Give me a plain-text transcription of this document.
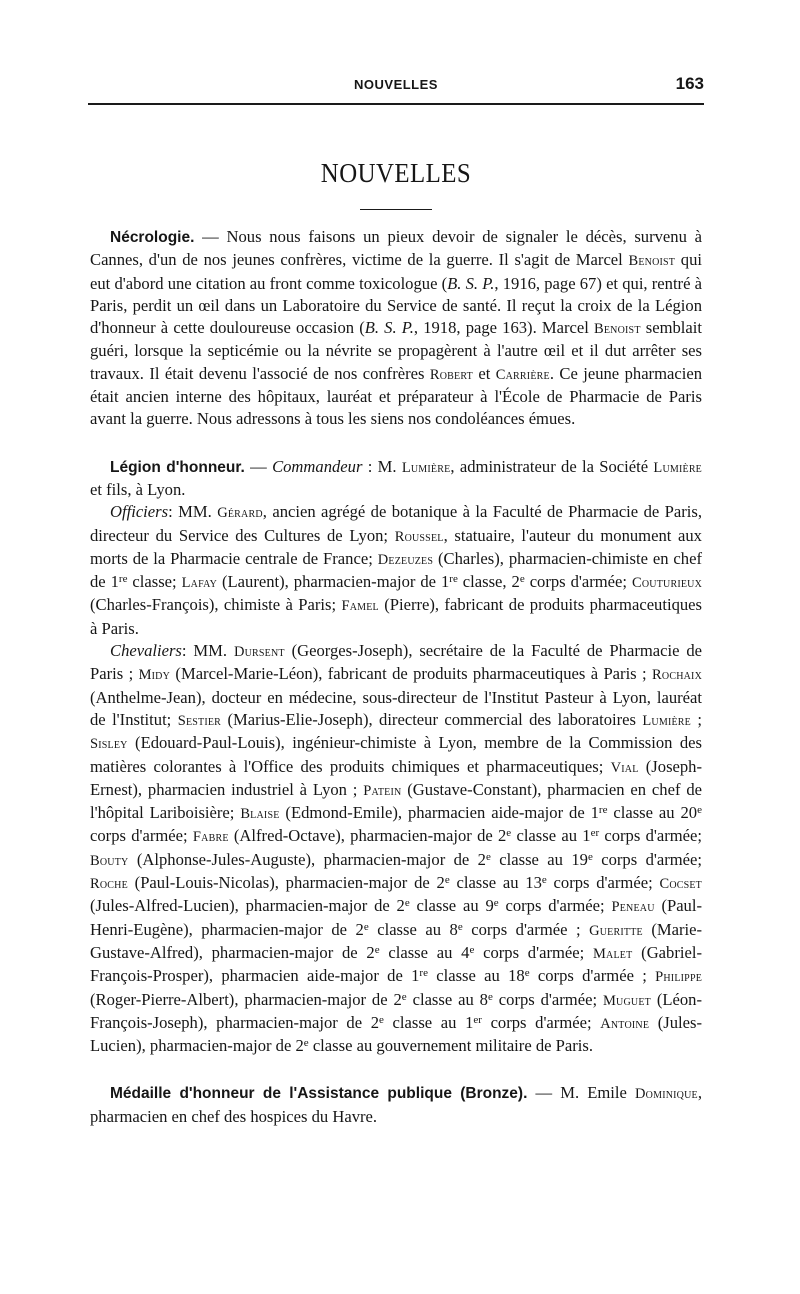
NOUVELLES	163
NOUVELLES

Nécrologie. — Nous nous faisons un pieux devoir de signaler le décès, survenu à Cannes, d'un de nos jeunes confrères, victime de la guerre. Il s'agit de Marcel Benoist qui eut d'abord une citation au front comme toxicologue (B. S. P., 1916, page 67) et qui, rentré à Paris, perdit un œil dans un Laboratoire du Service de santé. Il reçut la croix de la Légion d'honneur à cette douloureuse occasion (B. S. P., 1918, page 163). Marcel Benoist semblait guéri, lorsque la septicémie ou la névrite se propagèrent à l'autre œil et il dut arrêter ses travaux. Il était devenu l'associé de nos confrères Robert et Carrière. Ce jeune pharmacien était ancien interne des hôpitaux, lauréat et préparateur à l'École de Pharmacie de Paris avant la guerre. Nous adressons à tous les siens nos condoléances émues.

Légion d'honneur. — Commandeur : M. Lumière, administrateur de la Société Lumière et fils, à Lyon.

Officiers: MM. Gérard, ancien agrégé de botanique à la Faculté de Pharmacie de Paris, directeur du Service des Cultures de Lyon; Roussel, statuaire, l'auteur du monument aux morts de la Pharmacie centrale de France; Dezeuzes (Charles), pharmacien-chimiste en chef de 1re classe; Lafay (Laurent), pharmacien-major de 1re classe, 2e corps d'armée; Couturieux (Charles-François), chimiste à Paris; Famel (Pierre), fabricant de produits pharmaceutiques à Paris.

Chevaliers: MM. Dursent (Georges-Joseph), secrétaire de la Faculté de Pharmacie de Paris ; Midy (Marcel-Marie-Léon), fabricant de produits pharmaceutiques à Paris ; Rochaix (Anthelme-Jean), docteur en médecine, sous-directeur de l'Institut Pasteur à Lyon, lauréat de l'Institut; Sestier (Marius-Elie-Joseph), directeur commercial des laboratoires Lumière ; Sisley (Edouard-Paul-Louis), ingénieur-chimiste à Lyon, membre de la Commission des matières colorantes à l'Office des produits chimiques et pharmaceutiques; Vial (Joseph-Ernest), pharmacien industriel à Lyon ; Patein (Gustave-Constant), pharmacien en chef de l'hôpital Lariboisière; Blaise (Edmond-Emile), pharmacien aide-major de 1re classe au 20e corps d'armée; Fabre (Alfred-Octave), pharmacien-major de 2e classe au 1er corps d'armée; Bouty (Alphonse-Jules-Auguste), pharmacien-major de 2e classe au 19e corps d'armée; Roche (Paul-Louis-Nicolas), pharmacien-major de 2e classe au 13e corps d'armée; Cocset (Jules-Alfred-Lucien), pharmacien-major de 2e classe au 9e corps d'armée; Peneau (Paul-Henri-Eugène), pharmacien-major de 2e classe au 8e corps d'armée ; Gueritte (Marie-Gustave-Alfred), pharmacien-major de 2e classe au 4e corps d'armée; Malet (Gabriel-François-Prosper), pharmacien aide-major de 1re classe au 18e corps d'armée ; Philippe (Roger-Pierre-Albert), pharmacien-major de 2e classe au 8e corps d'armée; Muguet (Léon-François-Joseph), pharmacien-major de 2e classe au 1er corps d'armée; Antoine (Jules-Lucien), pharmacien-major de 2e classe au gouvernement militaire de Paris.

Médaille d'honneur de l'Assistance publique (Bronze). — M. Emile Dominique, pharmacien en chef des hospices du Havre.
